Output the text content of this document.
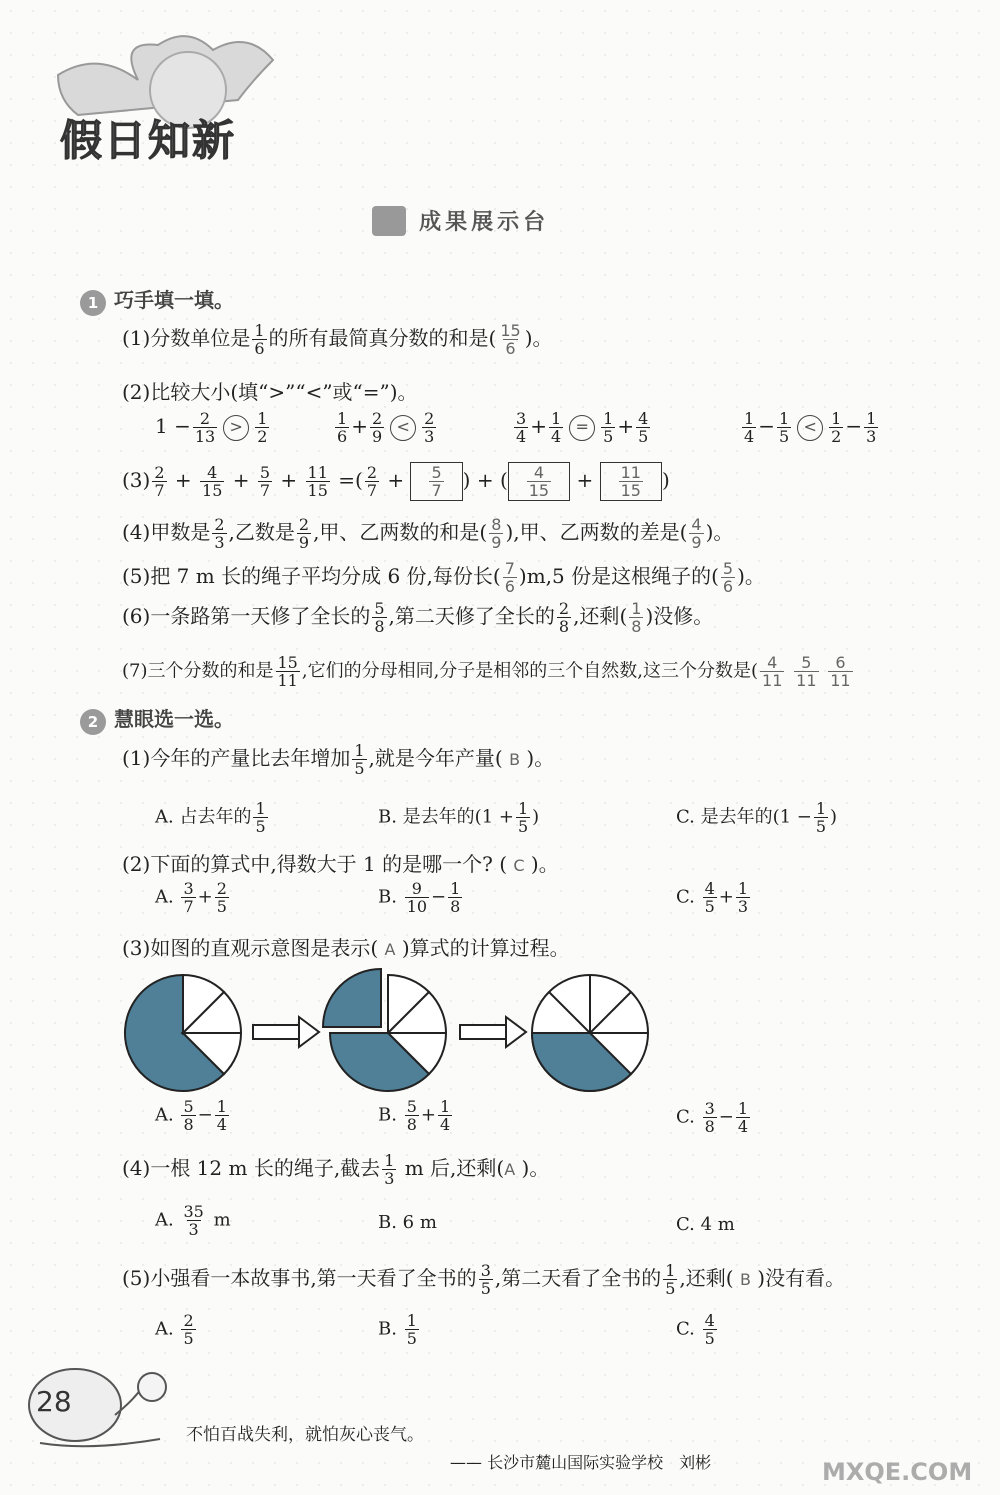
假日知新
成果展示台
1 巧手填一填。
(1)分数单位是 $\frac{1}{6}$ 的所有最简真分数的和是( $\frac{15}{6}$ )。
(2)比较大小(填“>”“<”或“=”)。
$1 - \frac{2}{13} > \frac{1}{2}$	$\frac{1}{6} + \frac{2}{9} < \frac{2}{3}$	$\frac{3}{4} + \frac{1}{4} = \frac{1}{5} + \frac{4}{5}$	$\frac{1}{4} - \frac{1}{5} < \frac{1}{2} - \frac{1}{3}$
$(3) \frac{2}{7} + \frac{4}{15} + \frac{5}{7} + \frac{11}{15}$ =( $\frac{2}{7} + \frac{5}{7}$ ) + ( $\frac{4}{15} + \frac{11}{15}$ )
(4)甲数是 $\frac{2}{3}$ ,乙数是 $\frac{2}{9}$ ,甲、乙两数的和是( $\frac{8}{9}$ ),甲、乙两数的差是( $\frac{4}{9}$ )。
(5)把 7 m 长的绳子平均分成 6 份,每份长( $\frac{7}{6} )m,5$ 份是这根绳子的( $\frac{5}{6}$ )。
(6)一条路第一天修了全长的 $\frac{5}{8}$ ,第二天修了全长的 $\frac{2}{8}$ ,还剩( $\frac{1}{8}$ )没修。
(7)三个分数的和是 $\frac{15}{11}$ ,它们的分母相同,分子是相邻的三个自然数,这三个分数是( $\frac{4}{11}$
$\frac{5}{11}$
$\frac{6}{11}$
2 慧眼选一选。
(1)今年的产量比去年增加 $\frac{1}{5}$ ,就是今年产量( B )。
A. 占去年的 $\frac{1}{5}$	B. 是去年的($1 + \frac{1}{5}$ )	C. 是去年的($1 - \frac{1}{5}$ )
(2)下面的算式中,得数大于 1 的是哪一个? ( C )。
A. $\frac{3}{7} + \frac{2}{5}$	B. $\frac{9}{10} - \frac{1}{8}$	C. $\frac{4}{5} + \frac{1}{3}$
(3)如图的直观示意图是表示( A )算式的计算过程。
A. $\frac{5}{8} - \frac{1}{4}$	B. $\frac{5}{8} + \frac{1}{4}$	C. $\frac{3}{8} - \frac{1}{4}$
(4)一根 12 m 长的绳子,截去 $\frac{1}{3}$ m 后,还剩(A )。
A. $\frac{35}{3}$ m	B. 6 m	C. 4 m
(5)小强看一本故事书,第一天看了全书的 $\frac{3}{5}$ ,第二天看了全书的 $\frac{1}{5}$ ,还剩( B )没有看。
A. $\frac{2}{5}$	B. $\frac{1}{5}$	C. $\frac{4}{5}$
28
不怕百战失利，就怕灰心丧气。
—— 长沙市麓山国际实验学校　刘彬	MXQE.COM
